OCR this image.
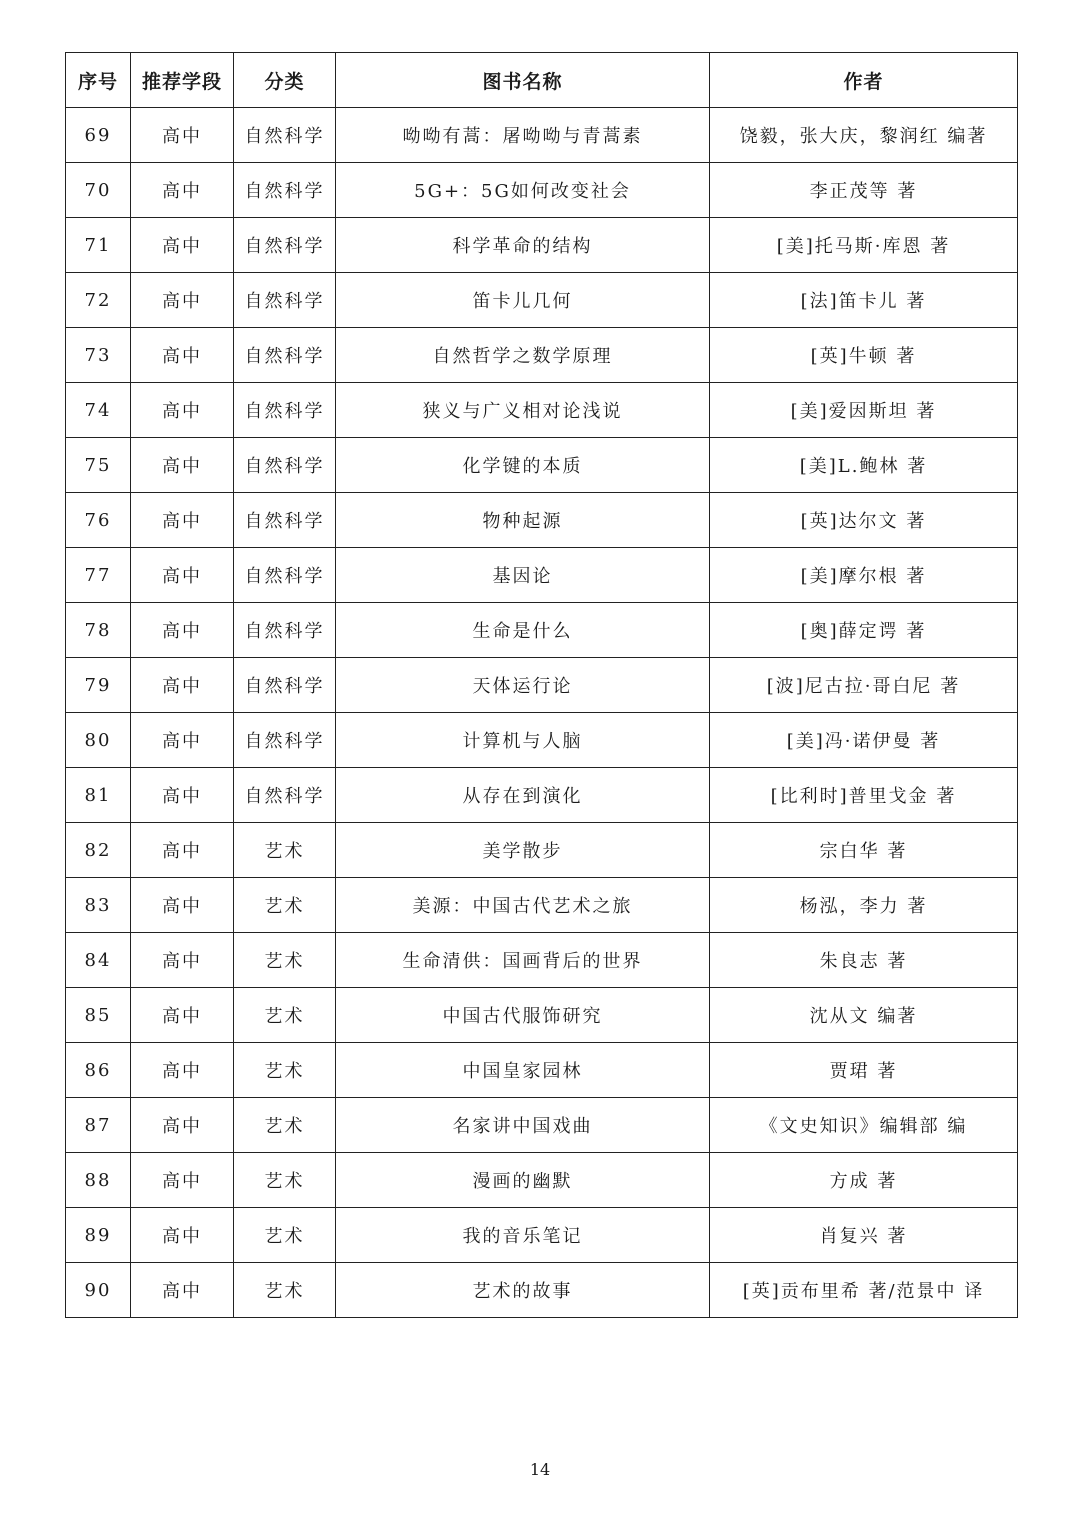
序号	推荐学段	分类	图书名称	作者
69	高中	自然科学	呦呦有蒿：屠呦呦与青蒿素	饶毅，张大庆，黎润红 编著
70	高中	自然科学	5G+：5G如何改变社会	李正茂等 著
71	高中	自然科学	科学革命的结构	[美]托马斯·库恩 著
72	高中	自然科学	笛卡儿几何	[法]笛卡儿 著
73	高中	自然科学	自然哲学之数学原理	[英]牛顿 著
74	高中	自然科学	狭义与广义相对论浅说	[美]爱因斯坦 著
75	高中	自然科学	化学键的本质	[美]L.鲍林 著
76	高中	自然科学	物种起源	[英]达尔文 著
77	高中	自然科学	基因论	[美]摩尔根 著
78	高中	自然科学	生命是什么	[奥]薛定谔 著
79	高中	自然科学	天体运行论	[波]尼古拉·哥白尼 著
80	高中	自然科学	计算机与人脑	[美]冯·诺伊曼 著
81	高中	自然科学	从存在到演化	[比利时]普里戈金 著
82	高中	艺术	美学散步	宗白华 著
83	高中	艺术	美源：中国古代艺术之旅	杨泓，李力 著
84	高中	艺术	生命清供：国画背后的世界	朱良志 著
85	高中	艺术	中国古代服饰研究	沈从文 编著
86	高中	艺术	中国皇家园林	贾珺 著
87	高中	艺术	名家讲中国戏曲	《文史知识》编辑部 编
88	高中	艺术	漫画的幽默	方成 著
89	高中	艺术	我的音乐笔记	肖复兴 著
90	高中	艺术	艺术的故事	[英]贡布里希 著/范景中 译
14
